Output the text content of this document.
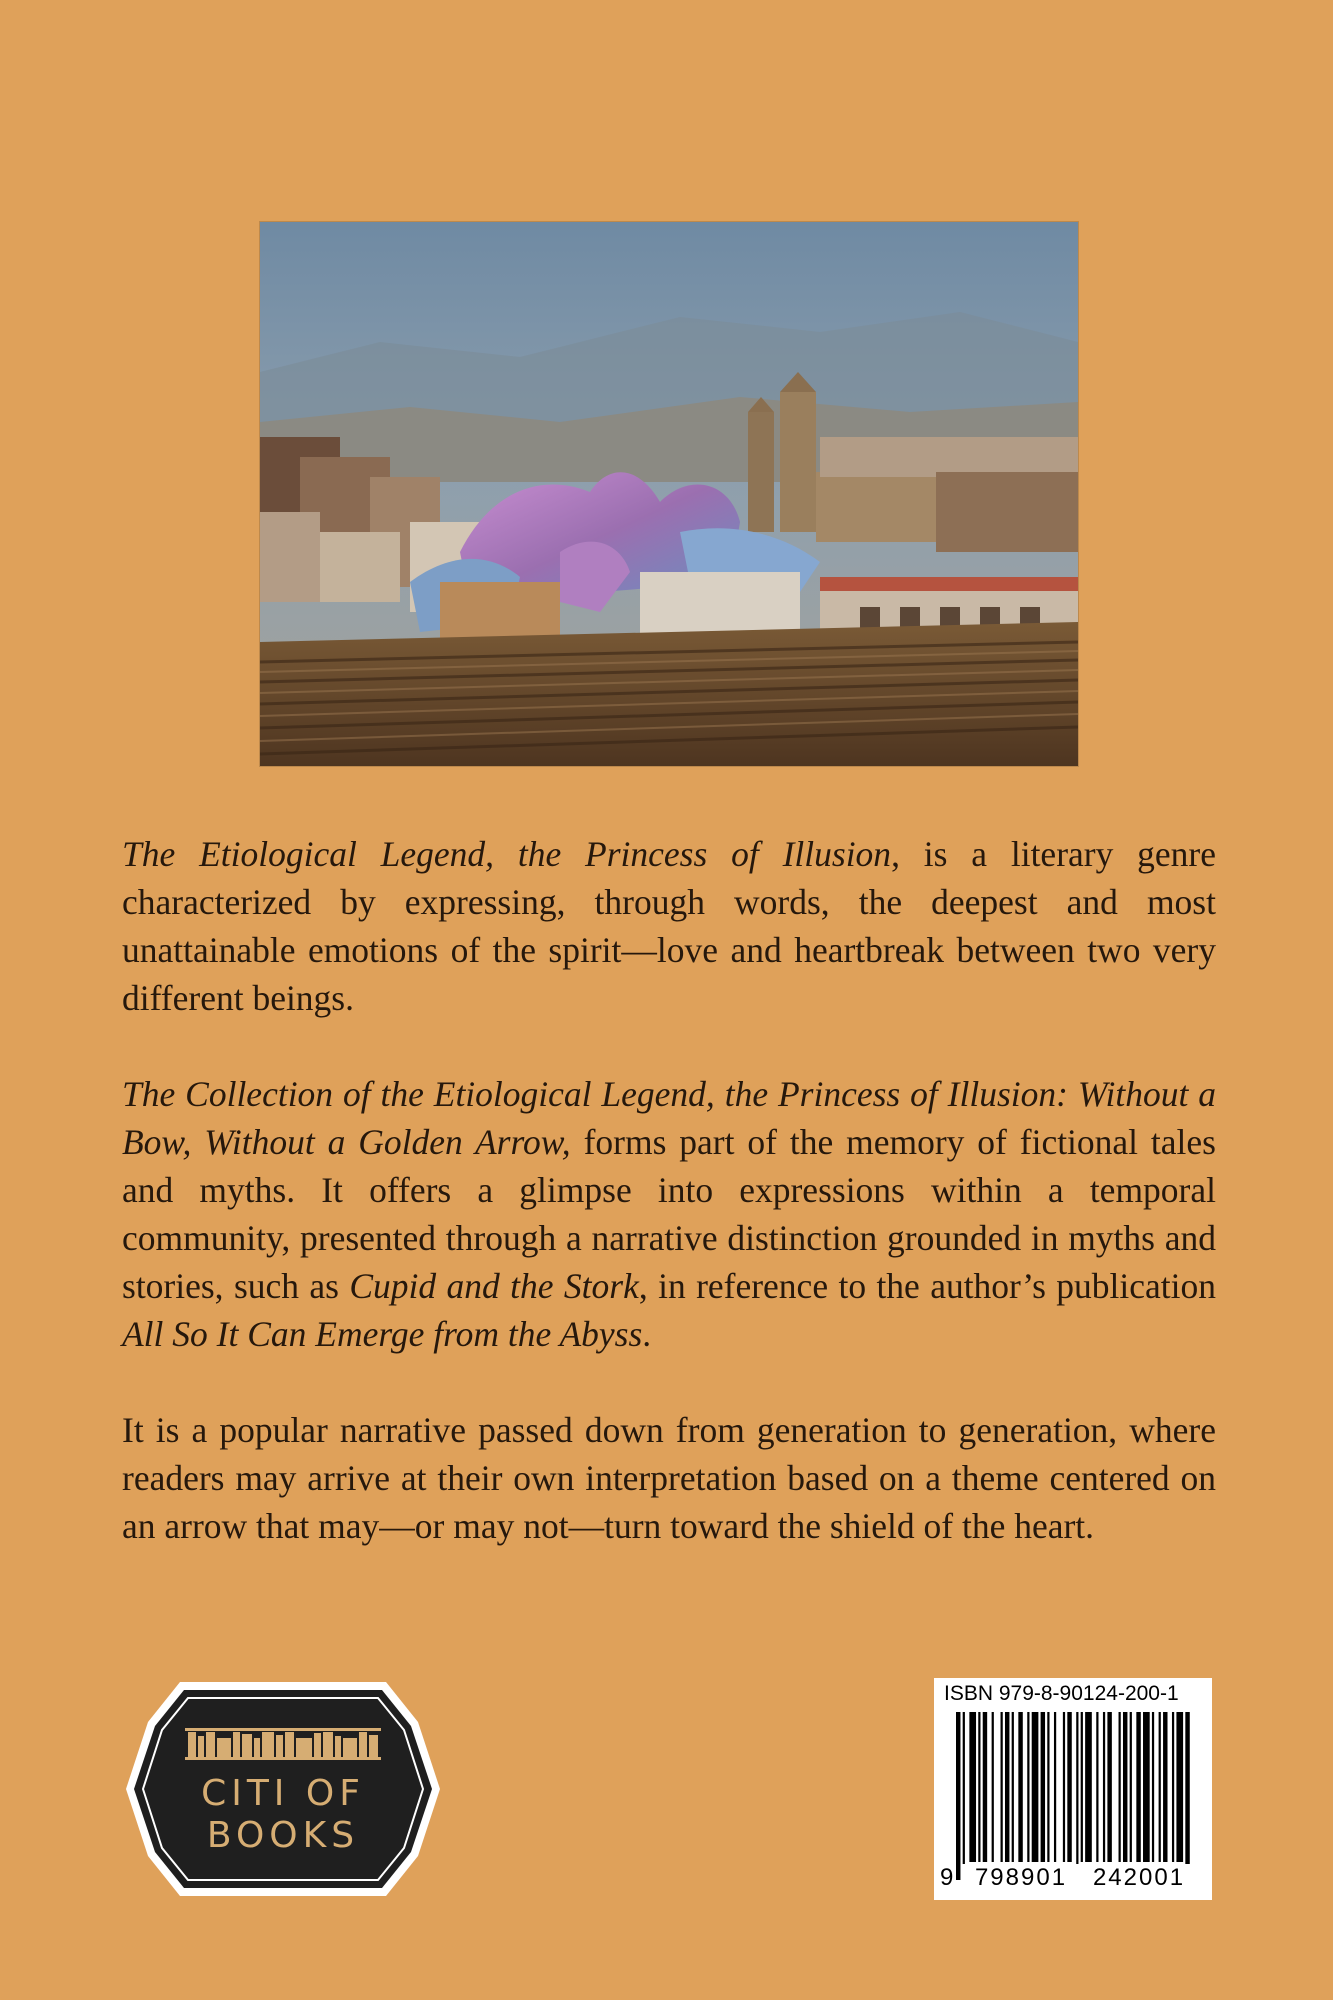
The Etiological Legend, the Princess of Illusion, is a literary genre characterized by expressing, through words, the deepest and most unattainable emotions of the spirit—love and heartbreak between two very different beings.

The Collection of the Etiological Legend, the Princess of Illusion: Without a Bow, Without a Golden Arrow, forms part of the memory of fictional tales and myths. It offers a glimpse into expressions within a temporal community, presented through a narrative distinction grounded in myths and stories, such as Cupid and the Stork, in reference to the author’s publication All So It Can Emerge from the Abyss.

It is a popular narrative passed down from generation to generation, where readers may arrive at their own interpretation based on a theme centered on an arrow that may—or may not—turn toward the shield of the heart.

CITI OF
BOOKS
ISBN 979-8-90124-200-1
9 798901	242001
